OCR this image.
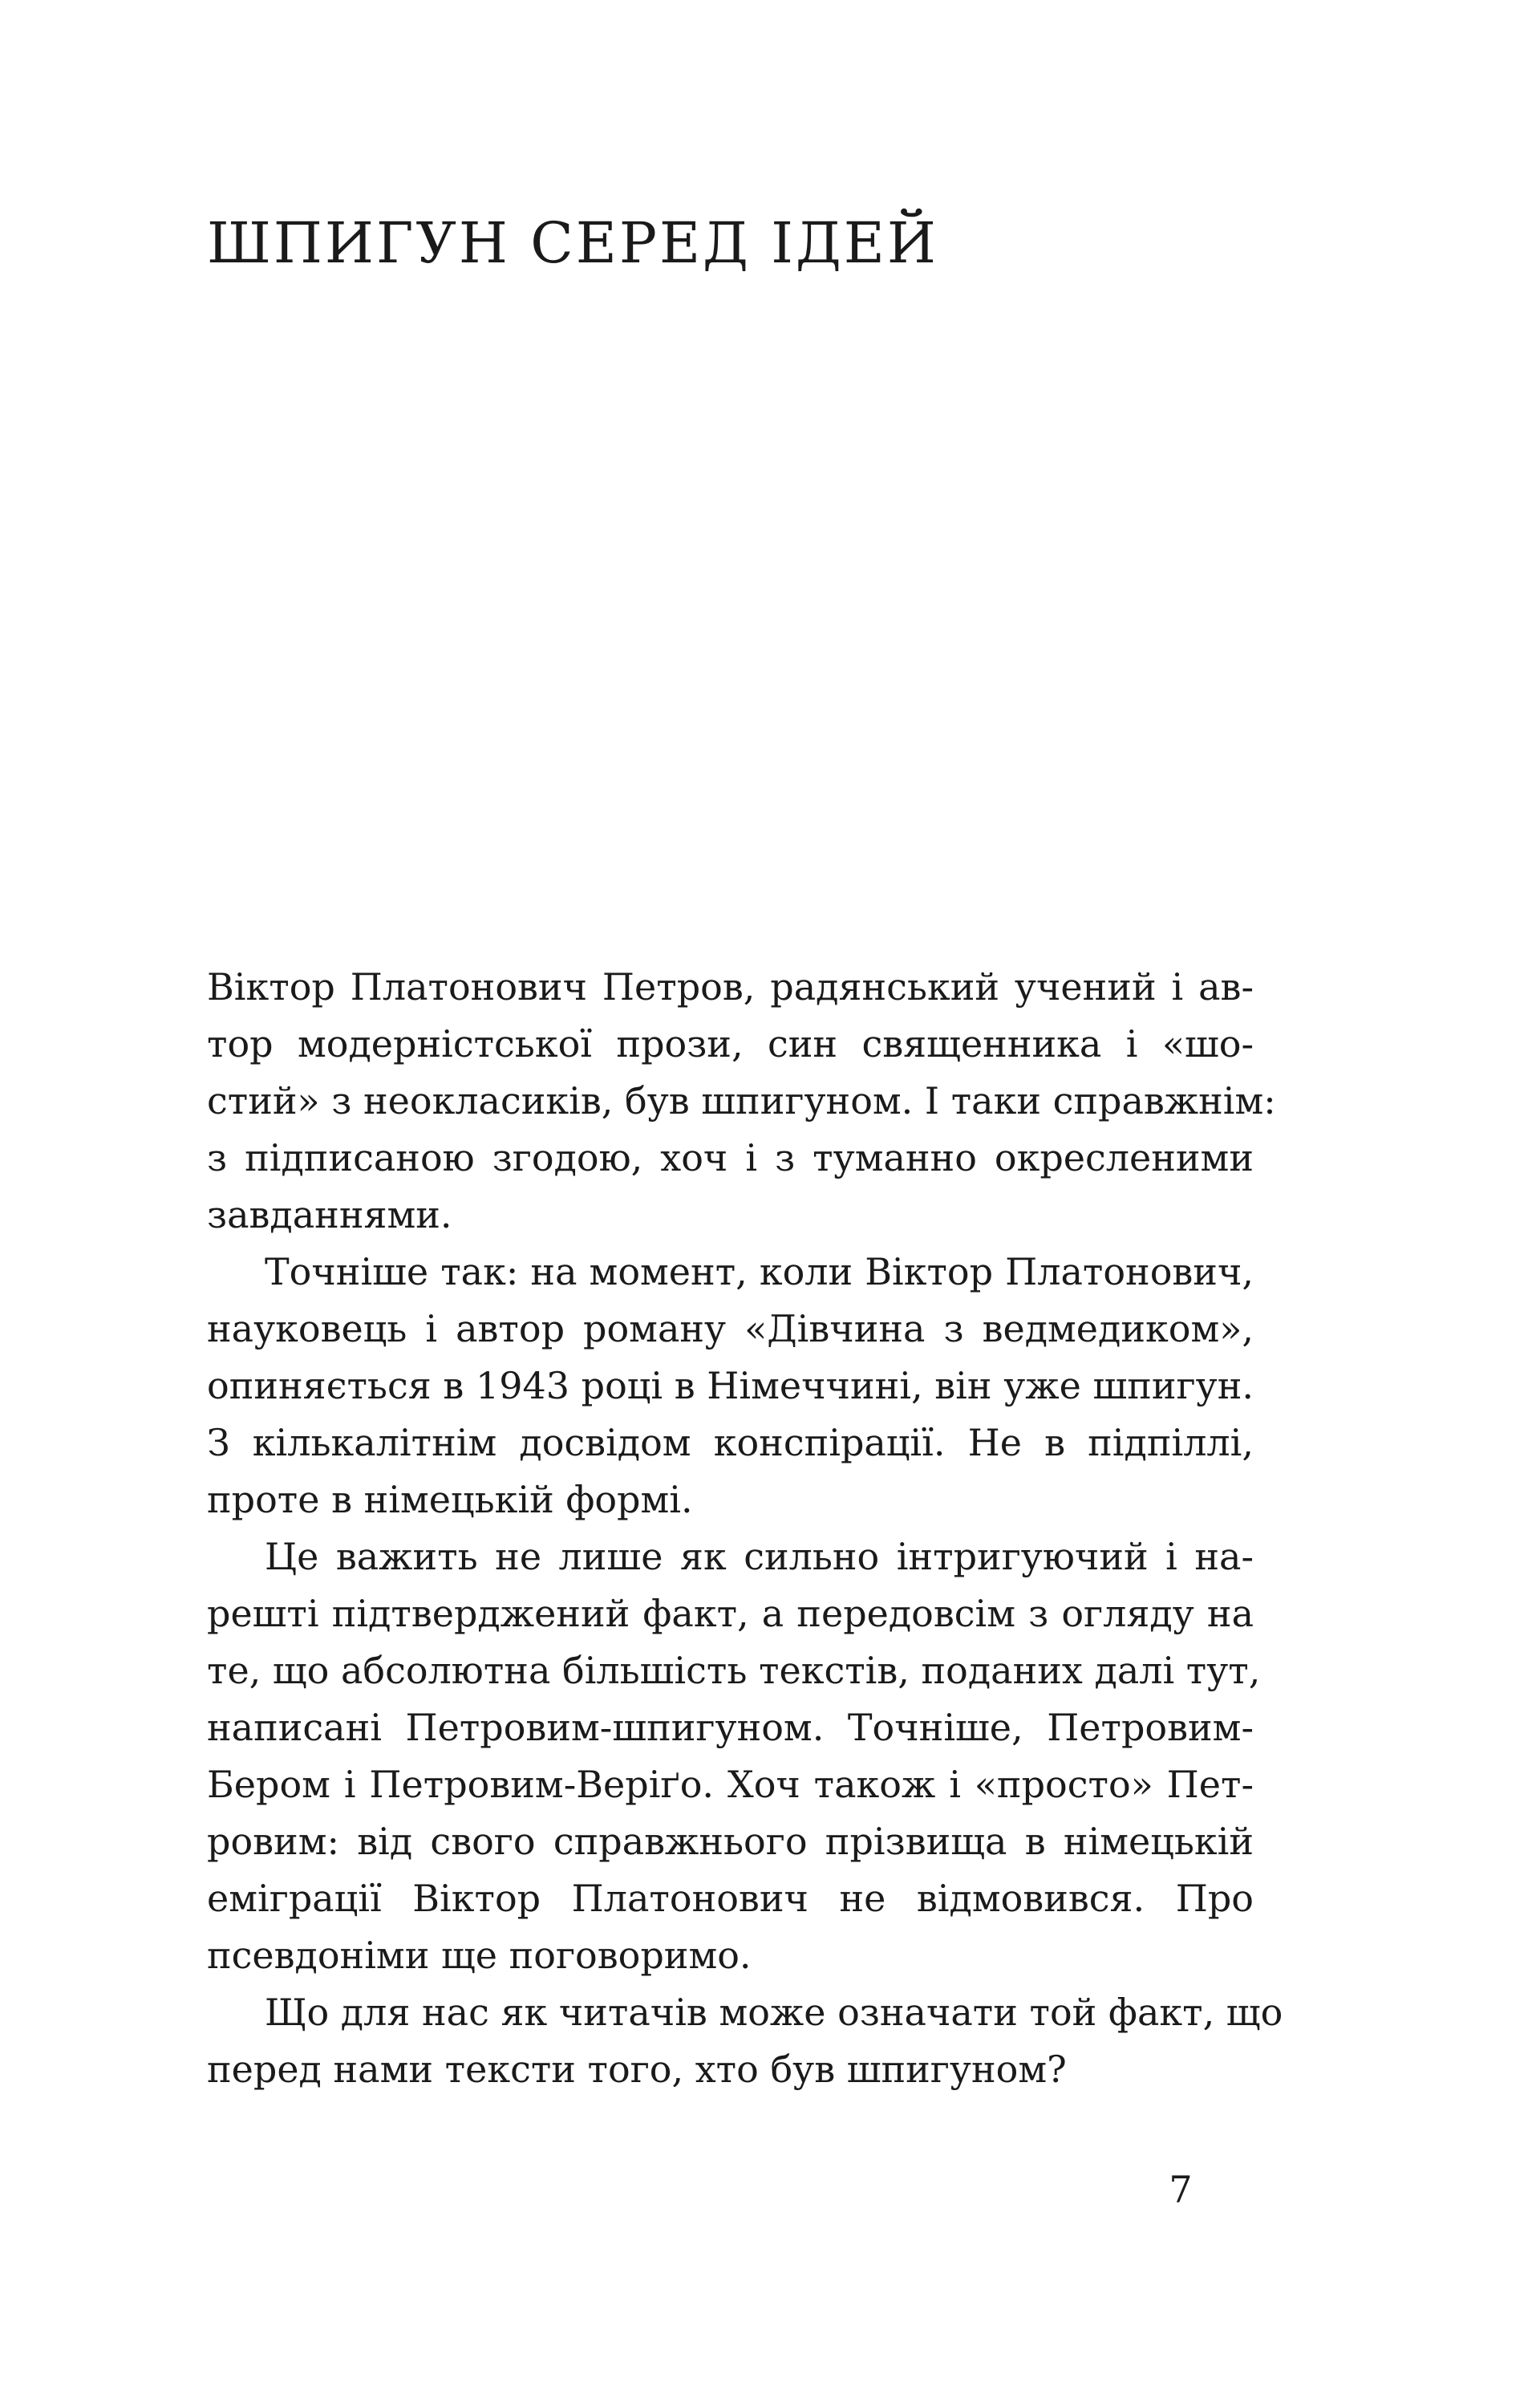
ШПИГУН СЕРЕД ІДЕЙ
Віктор Платонович Петров, радянський учений і ав-
тор модерністської прози, син священника і «шо-
стий» з неокласиків, був шпигуном. І таки справжнім:
з підписаною згодою, хоч і з туманно окресленими
завданнями.
Точніше так: на момент, коли Віктор Платонович,
науковець і автор роману «Дівчина з ведмедиком»,
опиняється в 1943 році в Німеччині, він уже шпигун.
З кількалітнім досвідом конспірації. Не в підпіллі,
проте в німецькій формі.
Це важить не лише як сильно інтригуючий і на-
решті підтверджений факт, а передовсім з огляду на
те, що абсолютна більшість текстів, поданих далі тут,
написані Петровим-шпигуном. Точніше, Петровим-
Бером і Петровим-Веріґо. Хоч також і «просто» Пет-
ровим: від свого справжнього прізвища в німецькій
еміграції Віктор Платонович не відмовився. Про
псевдоніми ще поговоримо.
Що для нас як читачів може означати той факт, що
перед нами тексти того, хто був шпигуном?
7
